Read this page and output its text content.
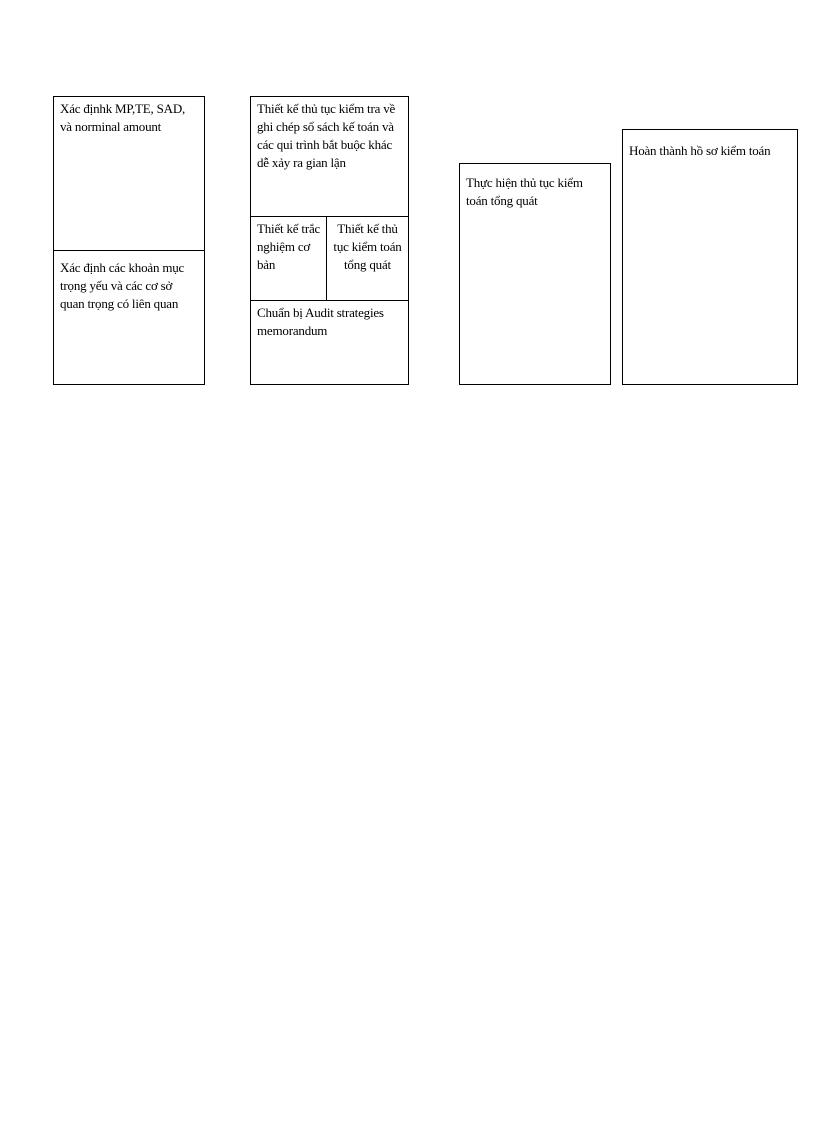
Xác địnhk MP,TE, SAD, và norminal amount
Xác định các khoản mục trọng yếu và các cơ sở quan trọng có liên quan
Thiết kế thủ tục kiểm tra về ghi chép sổ sách kế toán và các qui trình bắt buộc khác dễ xảy ra gian lận
Thiết kế trắc nghiệm cơ bản
Thiết kế thủ tục kiểm toán tổng quát
Chuẩn bị Audit strategies memorandum
Thực hiện thủ tục kiểm toán tổng quát
Hoàn thành hồ sơ kiểm toán
